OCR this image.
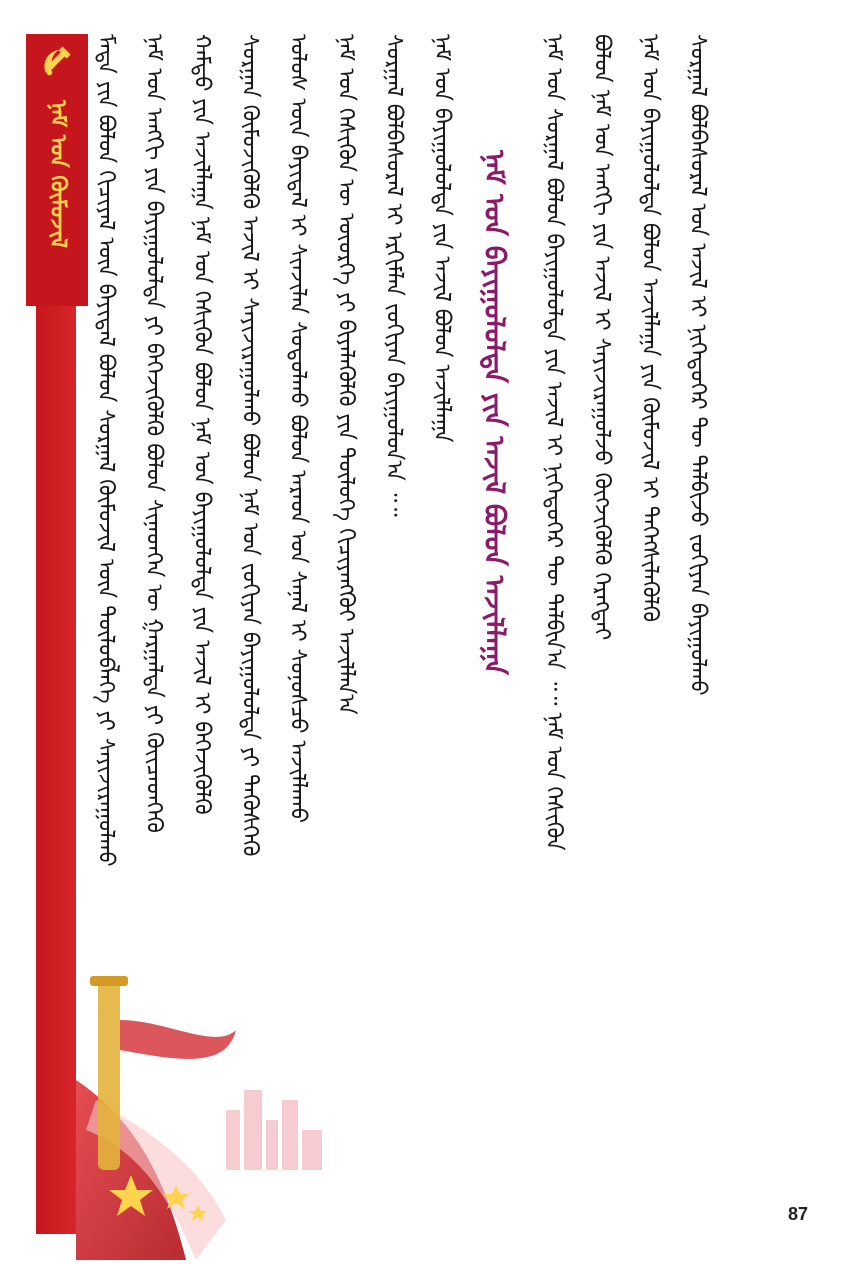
ᠨᠠᠮ ᠤᠨ ᠬᠦᠮᠦᠵᠢᠯ ᠮᠡᠳᠡ ᠶᠢᠨ ᠪᠣᠯᠣᠨ ᠬᠢᠴᠢᠶᠡᠯ ᠦᠨ ᠪᠠᠶᠢᠳᠠᠯ ᠪᠣᠯᠤᠨ ᠰᠤᠷᠭᠠᠯ ᠬᠦᠮᠦᠵᠢᠯ ᠦᠨ ᠲᠥᠯᠦᠪᠯᠡᠭᠡ ᠶᠢ ᠰᠠᠶᠢᠵᠢᠷᠠᠭᠤᠯᠬᠤ ᠨᠠᠮ ᠤᠨ ᠠᠩᠭᠢ ᠶᠢᠨ ᠪᠠᠶᠢᠭᠤᠯᠤᠯᠲᠠ ᠶᠢ ᠪᠡᠬᠡᠵᠢᠭᠦᠯᠬᠦ ᠪᠣᠯᠣᠨ ᠰᠢᠨᠡᠳᠭᠡᠨ ᠦ ᠭᠠᠷᠭᠠᠯᠲᠠ ᠶᠢ ᠭᠦᠢᠴᠡᠳᠬᠡᠬᠦ ᠬᠠᠮᠲᠤ ᠶᠢᠨ ᠠᠵᠢᠯᠯᠠᠭᠠ ᠨᠠᠮ ᠤᠨ ᠭᠡᠰᠢᠭᠦᠨ ᠪᠣᠯᠣᠨ ᠨᠠᠮ ᠤᠨ ᠪᠠᠶᠢᠭᠤᠯᠤᠯᠲᠠ ᠶᠢᠨ ᠠᠵᠢᠯ ᠢ ᠪᠡᠬᠡᠵᠢᠭᠦᠯᠬᠦ ᠰᠤᠷᠭᠠᠨ ᠬᠥᠮᠦᠵᠢᠭᠦᠯᠬᠦ ᠠᠵᠢᠯ ᠢ ᠰᠠᠶᠢᠵᠢᠷᠠᠭᠤᠯᠬᠤ ᠪᠣᠯᠣᠨ ᠨᠠᠮ ᠤᠨ ᠵᠣᠬᠢᠶᠠᠨ ᠪᠠᠶᠢᠭᠤᠯᠤᠯᠲᠠ ᠶᠢ ᠲᠡᠭᠦᠰᠬᠡᠬᠦ ᠤᠯᠤᠰ ᠦᠨ ᠪᠠᠶᠢᠳᠠᠯ ᠢ ᠰᠢᠨᠵᠢᠯᠡᠨ ᠰᠤᠳᠤᠯᠬᠤ ᠪᠣᠯᠣᠨ ᠠᠷᠠᠳ ᠤᠨ ᠰᠠᠨᠠᠯ ᠢ ᠰᠣᠨᠣᠰᠴᠤ ᠠᠵᠢᠯᠯᠠᠬᠤ ᠨᠠᠮ ᠤᠨ ᠭᠡᠰᠢᠭᠦᠨ ᠦ ᠦᠦᠷᠭᠡ ᠶᠢ ᠪᠢᠶᠡᠯᠡᠭᠦᠯᠬᠦ ᠶᠢᠨ ᠲᠥᠯᠦᠭᠡ ᠬᠢᠴᠢᠶᠡᠩᠭᠦᠢ ᠠᠵᠢᠯᠯᠠᠨ᠎ᠠ ᠰᠤᠷᠭᠠᠯ ᠪᠣᠯᠪᠠᠰᠤᠷᠠᠯ ᠢ ᠡᠷᠬᠢᠮᠯᠡᠨ ᠵᠣᠬᠢᠶᠠᠨ ᠪᠠᠶᠢᠭᠤᠯᠤᠨ᠎ᠠ ᠃᠃ ᠨᠠᠮ ᠤᠨ ᠪᠠᠶᠢᠭᠤᠯᠤᠯᠲᠠ ᠶᠢᠨ ᠠᠵᠢᠯ ᠪᠣᠯᠣᠨ ᠠᠵᠢᠯᠯᠠᠭᠠ ᠨᠠᠮ ᠤᠨ ᠪᠠᠶᠢᠭᠤᠯᠤᠯᠲᠠ ᠶᠢᠨ ᠠᠵᠢᠯ ᠪᠣᠯᠣᠨ ᠠᠵᠢᠯᠯᠠᠭᠠ ᠨᠠᠮ ᠤᠨ ᠰᠤᠷᠭᠠᠯ ᠪᠣᠯᠣᠨ ᠪᠠᠶᠢᠭᠤᠯᠤᠯᠲᠠ ᠶᠢᠨ ᠠᠵᠢᠯ ᠢ ᠨᠢᠭᠡᠳᠦᠭᠡᠷ ᠲᠦ ᠲᠠᠯᠪᠢᠨ᠎ᠠ ᠃᠃ ᠨᠠᠮ ᠤᠨ ᠭᠡᠰᠢᠭᠦᠨ ᠪᠣᠯᠣᠨ ᠨᠠᠮ ᠤᠨ ᠠᠩᠭᠢ ᠶᠢᠨ ᠠᠵᠢᠯ ᠢ ᠰᠠᠶᠢᠵᠢᠷᠠᠭᠤᠯᠵᠤ ᠬᠥᠭᠵᠢᠭᠦᠯᠬᠦ ᠬᠡᠷᠡᠭᠲᠡᠢ ᠨᠠᠮ ᠤᠨ ᠪᠠᠶᠢᠭᠤᠯᠤᠯᠲᠠ ᠪᠣᠯᠣᠨ ᠠᠵᠢᠯᠯᠠᠭᠠ ᠶᠢᠨ ᠬᠦᠮᠦᠵᠢᠯ ᠢ ᠳᠡᠭᠡᠭᠰᠢᠯᠡᠭᠦᠯᠬᠦ ᠰᠤᠷᠭᠠᠯ ᠪᠣᠯᠪᠠᠰᠤᠷᠠᠯ ᠤᠨ ᠠᠵᠢᠯ ᠢ ᠨᠢᠭᠡᠳᠦᠭᠡᠷ ᠲᠦ ᠲᠠᠯᠪᠢᠵᠤ ᠵᠣᠬᠢᠶᠠᠨ ᠪᠠᠶᠢᠭᠤᠯᠬᠤ
87
